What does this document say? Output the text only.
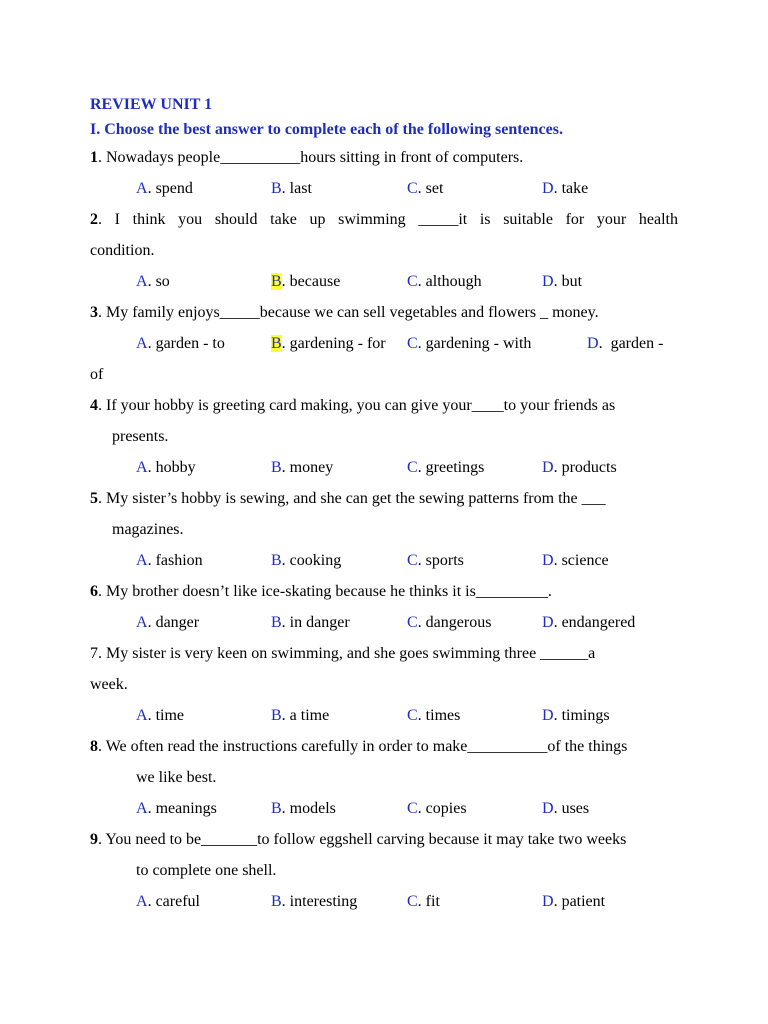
REVIEW UNIT 1
I. Choose the best answer to complete each of the following sentences.
1. Nowadays people__________hours sitting in front of computers.
A. spend	B. last	C. set	D. take
2. I think you should take up swimming _____it is suitable for your health
condition.
A. so	B. because	C. although	D. but
3. My family enjoys_____because we can sell vegetables and flowers _ money.
A. garden - to	B. gardening - for C. gardening - with	D.  garden -
of
4. If your hobby is greeting card making, you can give your____to your friends as
presents.
A. hobby	B. money	C. greetings	D. products
5. My sister’s hobby is sewing, and she can get the sewing patterns from the ___
magazines.
A. fashion	B. cooking	C. sports	D. science
6. My brother doesn’t like ice-skating because he thinks it is_________.
A. danger	B. in danger	C. dangerous	D. endangered
7. My sister is very keen on swimming, and she goes swimming three ______a
week.
A. time	B. a time	C. times	D. timings
8. We often read the instructions carefully in order to make__________of the things
we like best.
A. meanings	B. models	C. copies	D. uses
9. You need to be_______to follow eggshell carving because it may take two weeks
to complete one shell.
A. careful	B. interesting	C. fit	D. patient
